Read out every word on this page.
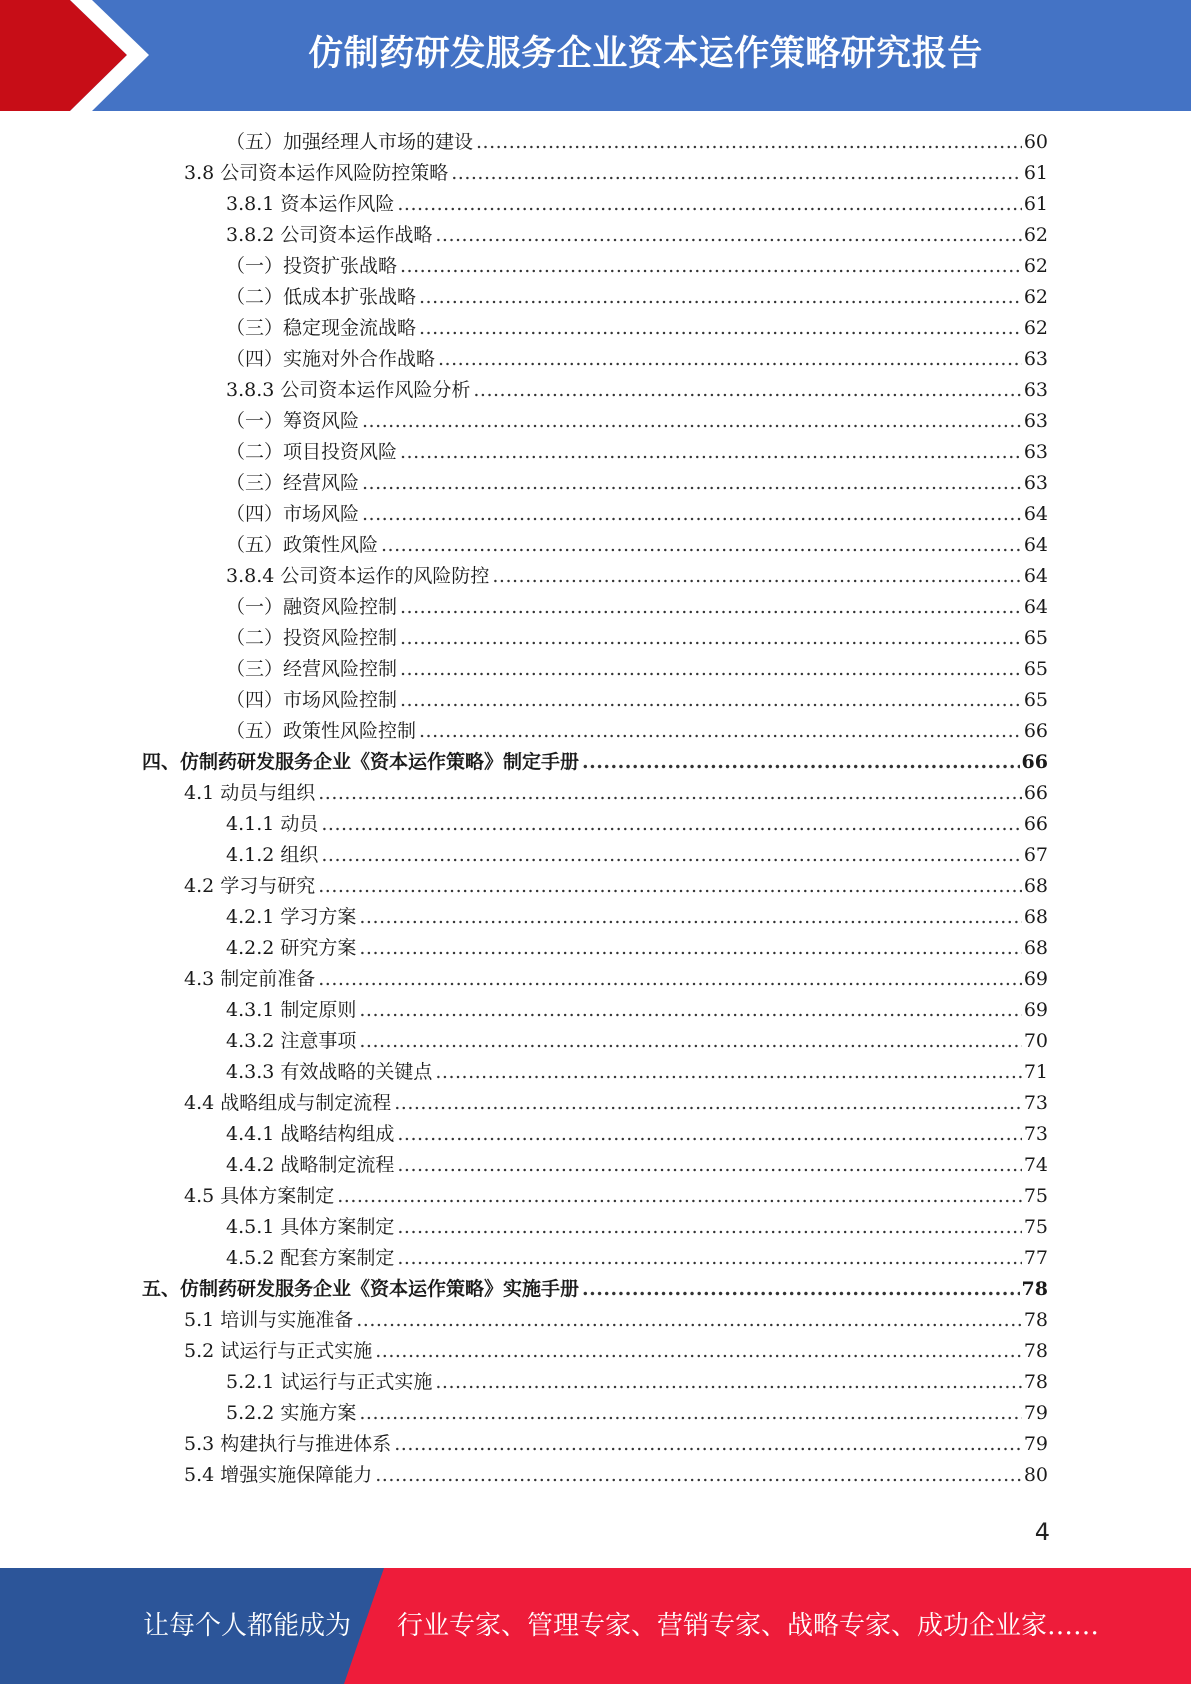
仿制药研发服务企业资本运作策略研究报告
（五）加强经理人市场的建设 .....	60
3.8 公司资本运作风险防控策略 .....	61
3.8.1 资本运作风险 .....	61
3.8.2 公司资本运作战略 .....	62
（一）投资扩张战略 .....	62
（二）低成本扩张战略 .....	62
（三）稳定现金流战略 .....	62
（四）实施对外合作战略 .....	63
3.8.3 公司资本运作风险分析 .....	63
（一）筹资风险 .....	63
（二）项目投资风险 .....	63
（三）经营风险 .....	63
（四）市场风险 .....	64
（五）政策性风险 .....	64
3.8.4 公司资本运作的风险防控 .....	64
（一）融资风险控制 .....	64
（二）投资风险控制 .....	65
（三）经营风险控制 .....	65
（四）市场风险控制 .....	65
（五）政策性风险控制 .....	66
四、仿制药研发服务企业《资本运作策略》制定手册 .....	66
4.1 动员与组织 .....	66
4.1.1 动员 .....	66
4.1.2 组织 .....	67
4.2 学习与研究 .....	68
4.2.1 学习方案 .....	68
4.2.2 研究方案 .....	68
4.3 制定前准备 .....	69
4.3.1 制定原则 .....	69
4.3.2 注意事项 .....	70
4.3.3 有效战略的关键点 .....	71
4.4 战略组成与制定流程 .....	73
4.4.1 战略结构组成 .....	73
4.4.2 战略制定流程 .....	74
4.5 具体方案制定 .....	75
4.5.1 具体方案制定 .....	75
4.5.2 配套方案制定 .....	77
五、仿制药研发服务企业《资本运作策略》实施手册 .....	78
5.1 培训与实施准备 .....	78
5.2 试运行与正式实施 .....	78
5.2.1 试运行与正式实施 .....	78
5.2.2 实施方案 .....	79
5.3 构建执行与推进体系 .....	79
5.4 增强实施保障能力 .....	80
4
让每个人都能成为 行业专家、管理专家、营销专家、战略专家、成功企业家……
